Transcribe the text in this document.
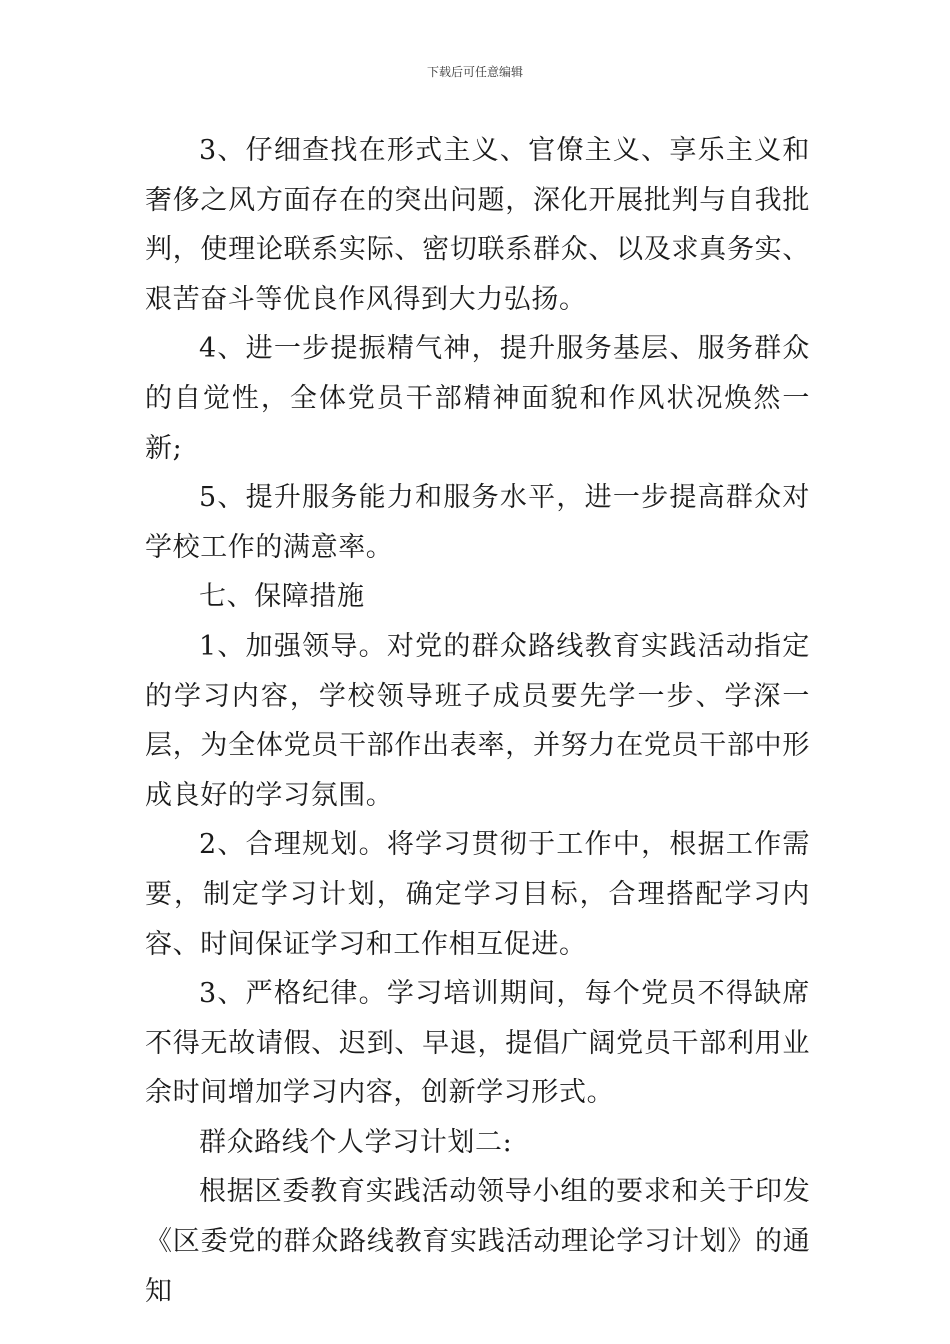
下载后可任意编辑

3、仔细查找在形式主义、官僚主义、享乐主义和奢侈之风方面存在的突出问题，深化开展批判与自我批判，使理论联系实际、密切联系群众、以及求真务实、艰苦奋斗等优良作风得到大力弘扬。

4、进一步提振精气神，提升服务基层、服务群众的自觉性，全体党员干部精神面貌和作风状况焕然一新;

5、提升服务能力和服务水平，进一步提高群众对学校工作的满意率。

七、保障措施

1、加强领导。对党的群众路线教育实践活动指定的学习内容，学校领导班子成员要先学一步、学深一层，为全体党员干部作出表率，并努力在党员干部中形成良好的学习氛围。

2、合理规划。将学习贯彻于工作中，根据工作需要，制定学习计划，确定学习目标，合理搭配学习内容、时间保证学习和工作相互促进。

3、严格纪律。学习培训期间，每个党员不得缺席不得无故请假、迟到、早退，提倡广阔党员干部利用业余时间增加学习内容，创新学习形式。

群众路线个人学习计划二:

根据区委教育实践活动领导小组的要求和关于印发《区委党的群众路线教育实践活动理论学习计划》的通知
